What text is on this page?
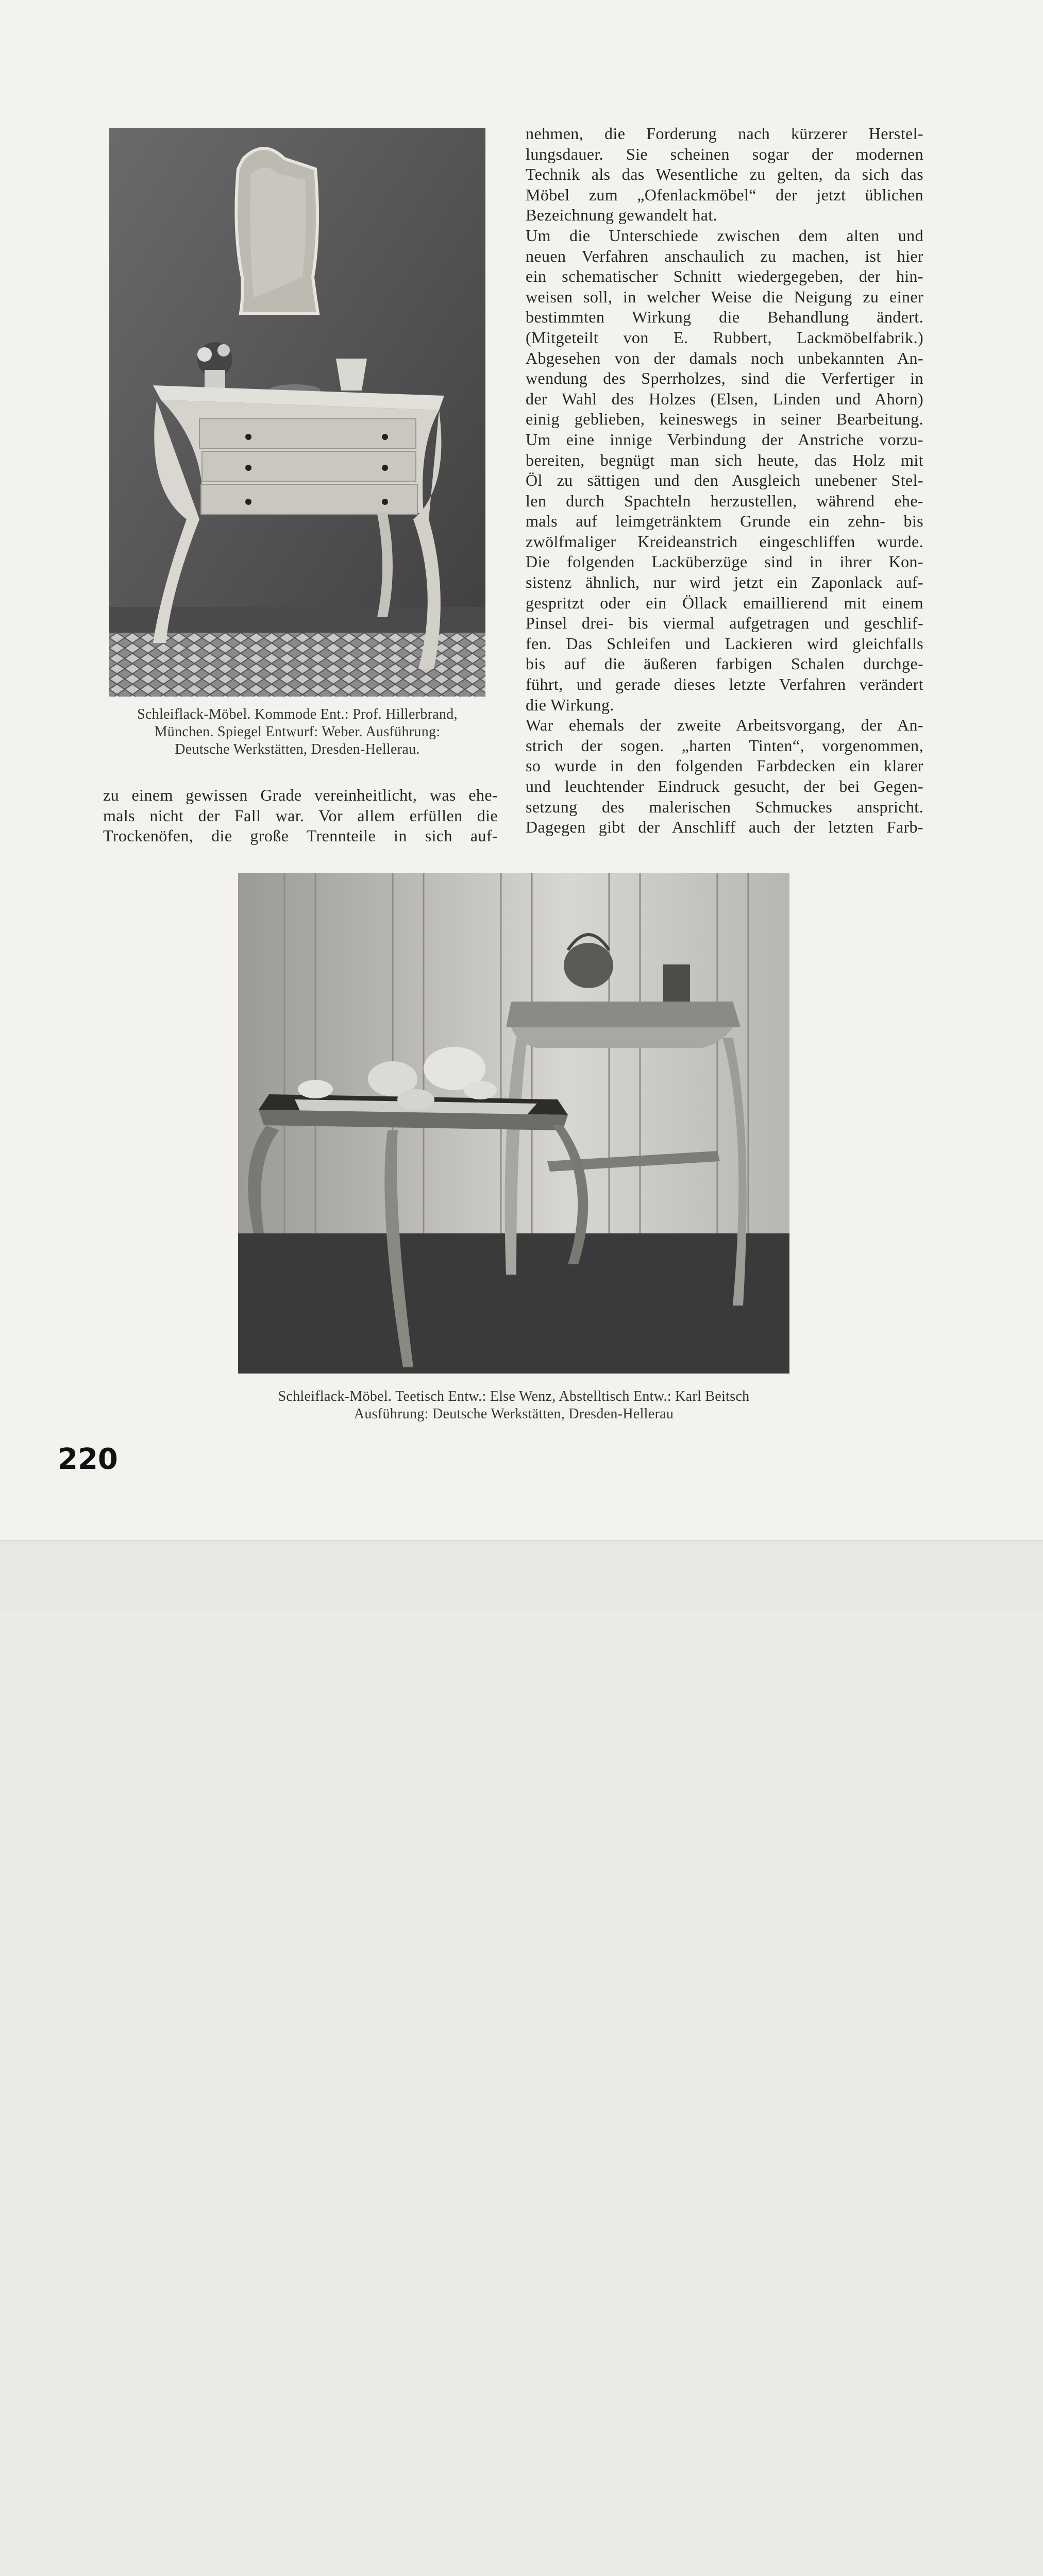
Schleiflack-Möbel. Kommode Ent.: Prof. Hillerbrand,
München. Spiegel Entwurf: Weber. Ausführung:
Deutsche Werkstätten, Dresden-Hellerau.
zu einem gewissen Grade vereinheitlicht, was ehe-
mals nicht der Fall war. Vor allem erfüllen die
Trockenöfen, die große Trennteile in sich auf-
nehmen, die Forderung nach kürzerer Herstel-
lungsdauer. Sie scheinen sogar der modernen
Technik als das Wesentliche zu gelten, da sich das
Möbel zum „Ofenlackmöbel“ der jetzt üblichen
Bezeichnung gewandelt hat.
Um die Unterschiede zwischen dem alten und
neuen Verfahren anschaulich zu machen, ist hier
ein schematischer Schnitt wiedergegeben, der hin-
weisen soll, in welcher Weise die Neigung zu einer
bestimmten Wirkung die Behandlung ändert.
(Mitgeteilt von E. Rubbert, Lackmöbelfabrik.)
Abgesehen von der damals noch unbekannten An-
wendung des Sperrholzes, sind die Verfertiger in
der Wahl des Holzes (Elsen, Linden und Ahorn)
einig geblieben, keineswegs in seiner Bearbeitung.
Um eine innige Verbindung der Anstriche vorzu-
bereiten, begnügt man sich heute, das Holz mit
Öl zu sättigen und den Ausgleich unebener Stel-
len durch Spachteln herzustellen, während ehe-
mals auf leimgetränktem Grunde ein zehn- bis
zwölfmaliger Kreideanstrich eingeschliffen wurde.
Die folgenden Lacküberzüge sind in ihrer Kon-
sistenz ähnlich, nur wird jetzt ein Zaponlack auf-
gespritzt oder ein Öllack emaillierend mit einem
Pinsel drei- bis viermal aufgetragen und geschlif-
fen. Das Schleifen und Lackieren wird gleichfalls
bis auf die äußeren farbigen Schalen durchge-
führt, und gerade dieses letzte Verfahren verändert
die Wirkung.
War ehemals der zweite Arbeitsvorgang, der An-
strich der sogen. „harten Tinten“, vorgenommen,
so wurde in den folgenden Farbdecken ein klarer
und leuchtender Eindruck gesucht, der bei Gegen-
setzung des malerischen Schmuckes anspricht.
Dagegen gibt der Anschliff auch der letzten Farb-
Schleiflack-Möbel. Teetisch Entw.: Else Wenz, Abstelltisch Entw.: Karl Beitsch
Ausführung: Deutsche Werkstätten, Dresden-Hellerau
220
